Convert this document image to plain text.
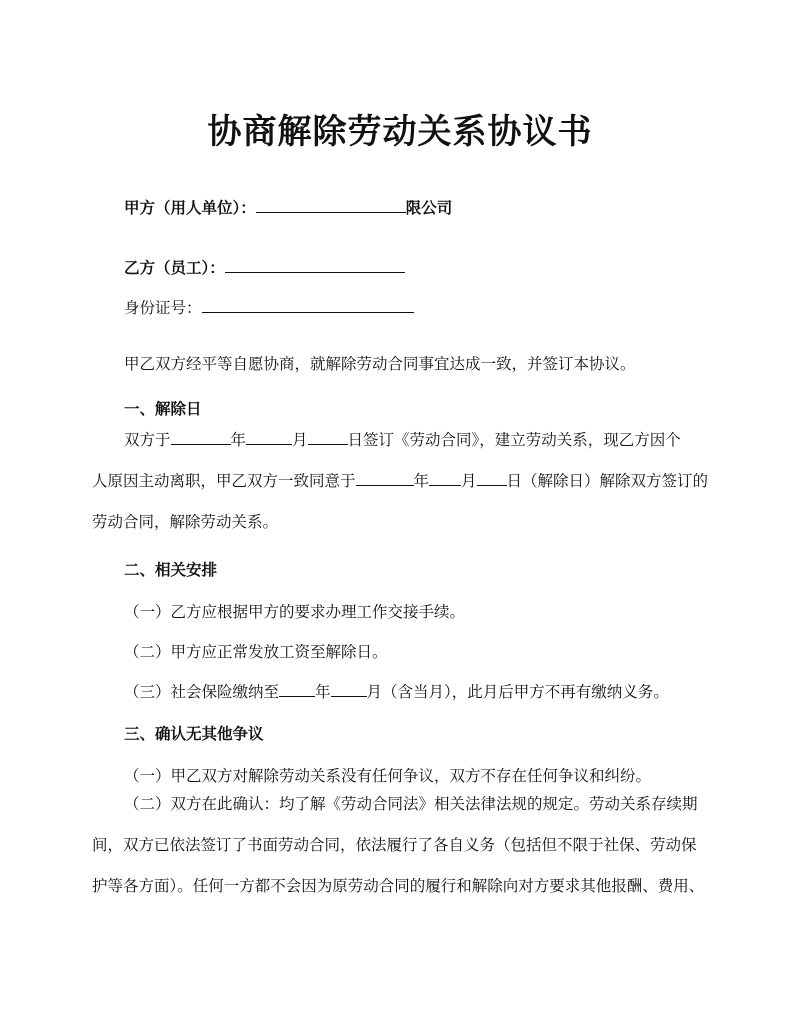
协商解除劳动关系协议书
甲方（用人单位）：	限公司
乙方（员工）：
身份证号：
甲乙双方经平等自愿协商，就解除劳动合同事宜达成一致，并签订本协议。
一、解除日
双方于	年	月	日签订《劳动合同》，建立劳动关系，现乙方因个
人原因主动离职，甲乙双方一致同意于	年 月 日（解除日）解除双方签订的
劳动合同，解除劳动关系。
二、相关安排
（一）乙方应根据甲方的要求办理工作交接手续。
（二）甲方应正常发放工资至解除日。
（三）社会保险缴纳至 年 月（含当月），此月后甲方不再有缴纳义务。
三、确认无其他争议
（一）甲乙双方对解除劳动关系没有任何争议，双方不存在任何争议和纠纷。
（二）双方在此确认：均了解《劳动合同法》相关法律法规的规定。劳动关系存续期
间，双方已依法签订了书面劳动合同，依法履行了各自义务（包括但不限于社保、劳动保
护等各方面）。任何一方都不会因为原劳动合同的履行和解除向对方要求其他报酬、费用、
